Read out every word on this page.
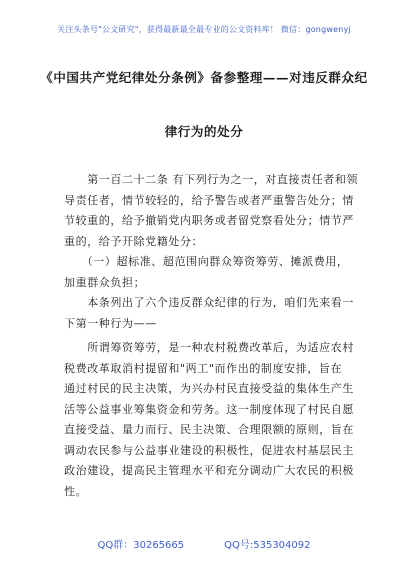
关注头条号"公文研究"，获得最新最全最专业的公文资料库！ 微信：gongwenyj
《中国共产党纪律处分条例》备参整理——对违反群众纪
律行为的处分
　　第一百二十二条 有下列行为之一，对直接责任者和领
导责任者，情节较轻的，给予警告或者严重警告处分；情
节较重的，给予撤销党内职务或者留党察看处分；情节严
重的，给予开除党籍处分：
　　（一）超标准、超范围向群众筹资筹劳、摊派费用，
加重群众负担；
　　本条列出了六个违反群众纪律的行为，咱们先来看一
下第一种行为——
　　所谓筹资筹劳，是一种农村税费改革后，为适应农村
税费改革取消村提留和"两工"而作出的制度安排，旨在
通过村民的民主决策，为兴办村民直接受益的集体生产生
活等公益事业筹集资金和劳务。这一制度体现了村民自愿
直接受益、量力而行、民主决策、合理限额的原则，旨在
调动农民参与公益事业建设的积极性，促进农村基层民主
政治建设，提高民主管理水平和充分调动广大农民的积极
性。
QQ群：30265665	QQ号:535304092
